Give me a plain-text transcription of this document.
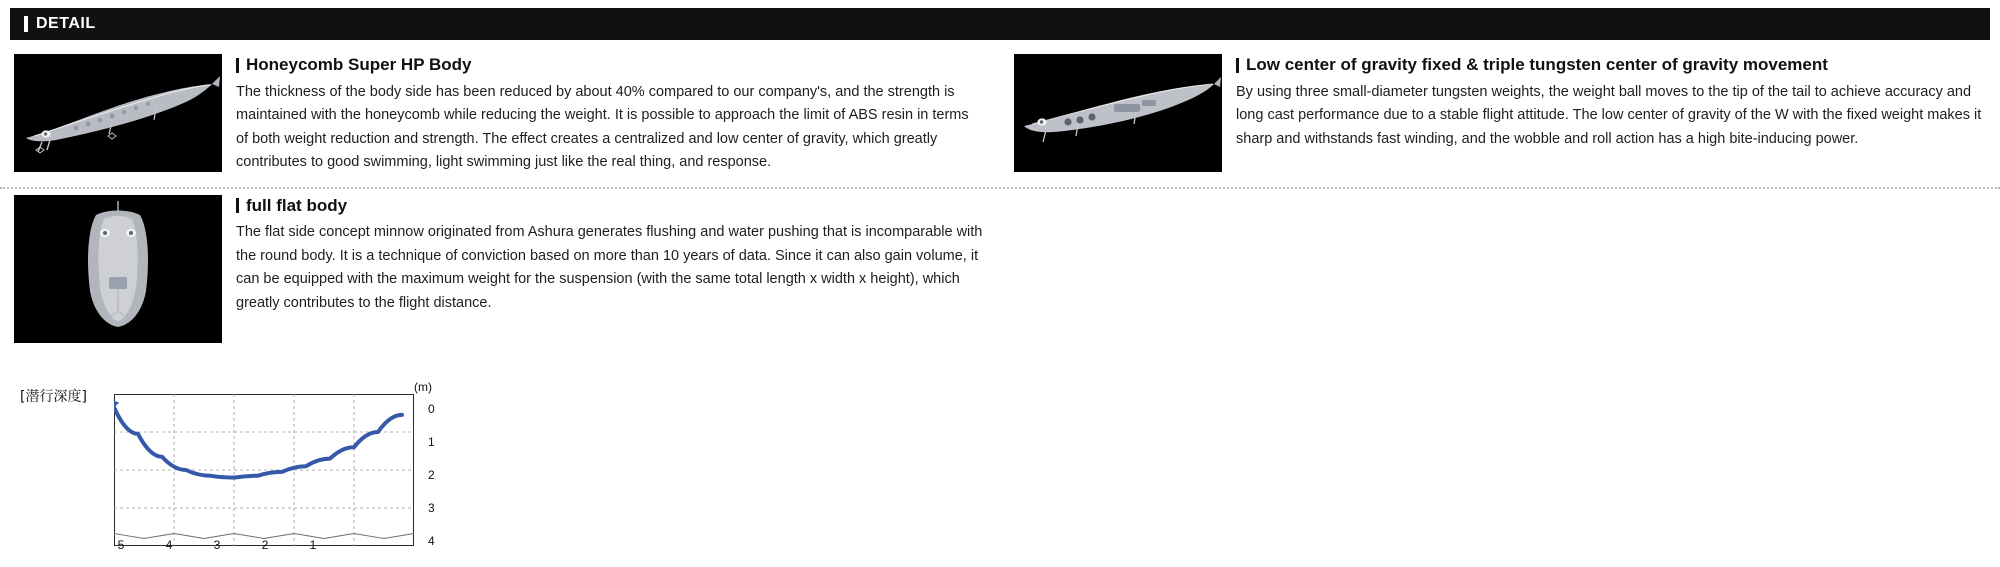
DETAIL
Honeycomb Super HP Body
The thickness of the body side has been reduced by about 40% compared to our company's, and the strength is maintained with the honeycomb while reducing the weight. It is possible to approach the limit of ABS resin in terms of both weight reduction and strength. The effect creates a centralized and low center of gravity, which greatly contributes to good swimming, light swimming just like the real thing, and response.
Low center of gravity fixed & triple tungsten center of gravity movement
By using three small-diameter tungsten weights, the weight ball moves to the tip of the tail to achieve accuracy and long cast performance due to a stable flight attitude. The low center of gravity of the W with the fixed weight makes it sharp and withstands fast winding, and the wobble and roll action has a high bite-inducing power.
full flat body
The flat side concept minnow originated from Ashura generates flushing and water pushing that is incomparable with the round body. It is a technique of conviction based on more than 10 years of data. Since it can also gain volume, it can be equipped with the maximum weight for the suspension (with the same total length x width x height), which greatly contributes to the flight distance.
[潜行深度]
(m)
0
1
2
3
4
5	4	3	2	1
